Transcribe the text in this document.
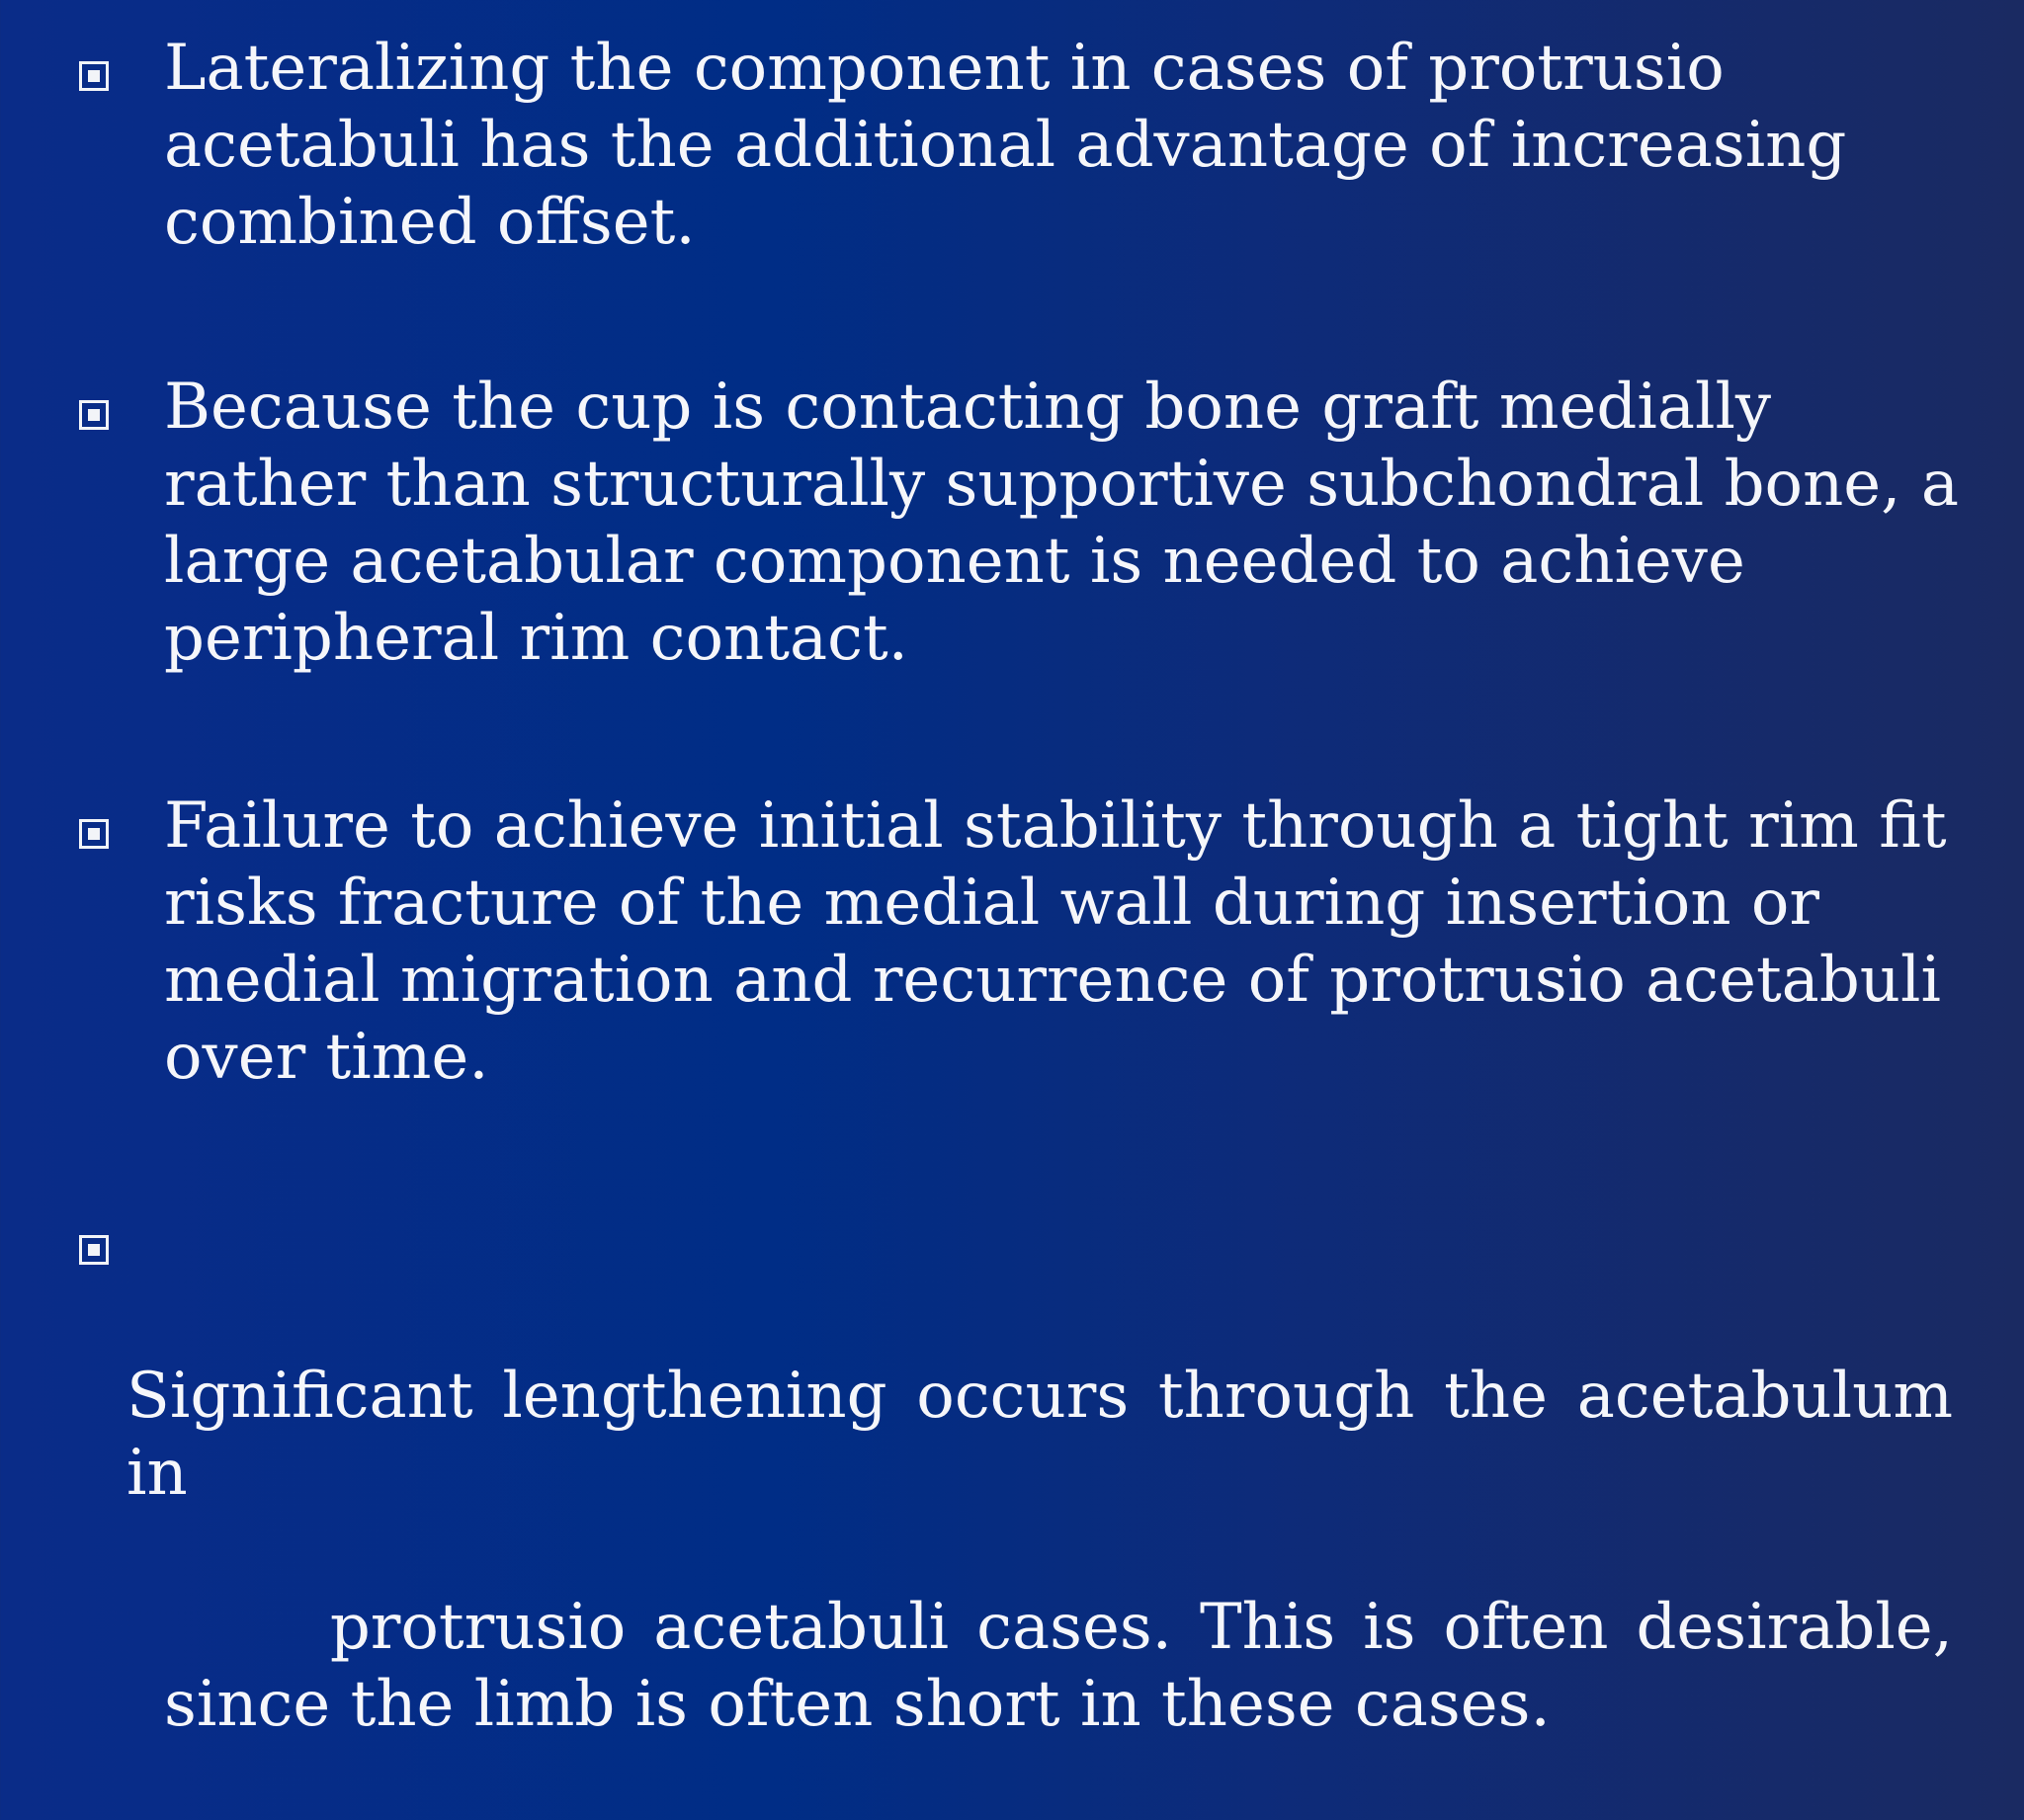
Lateralizing the component in cases of protrusio acetabuli has the additional advantage of increasing combined offset.
Because the cup is contacting bone graft medially rather than structurally supportive subchondral bone, a large acetabular component is needed to achieve peripheral rim contact.
Failure to achieve initial stability through a tight rim fit risks fracture of the medial wall during insertion or medial migration and recurrence of protrusio acetabuli over time.

Significant lengthening occurs through the acetabulum in

protrusio acetabuli cases. This is often desirable, since the limb is often short in these cases.
